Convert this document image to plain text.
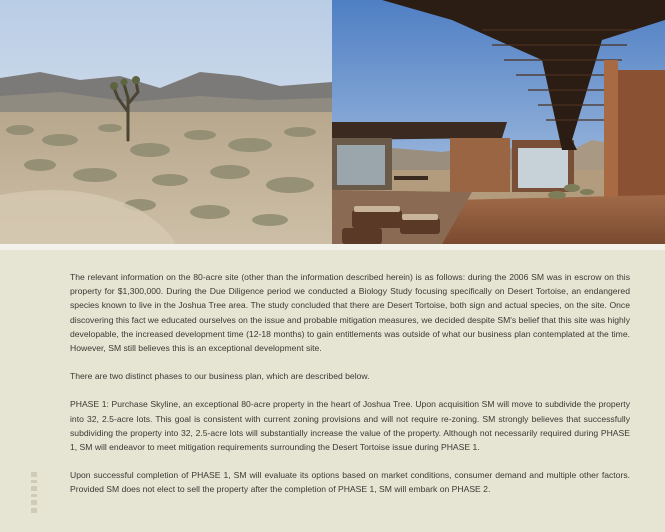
The relevant information on the 80-acre site (other than the information described herein) is as follows: during the 2006 SM was in escrow on this property for $1,300,000. During the Due Diligence period we conducted a Biology Study focusing specifically on Desert Tortoise, an endangered species known to live in the Joshua Tree area. The study concluded that there are Desert Tortoise, both sign and actual species, on the site. Once discovering this fact we educated ourselves on the issue and probable mitigation measures, we decided despite SM's belief that this site was highly developable, the increased development time (12-18 months) to gain entitlements was outside of what our business plan contemplated at the time. However, SM still believes this is an exceptional development site.

There are two distinct phases to our business plan, which are described below.

PHASE 1: Purchase Skyline, an exceptional 80-acre property in the heart of Joshua Tree. Upon acquisition SM will move to subdivide the property into 32, 2.5-acre lots. This goal is consistent with current zoning provisions and will not require re-zoning. SM strongly believes that successfully subdividing the property into 32, 2.5-acre lots will substantially increase the value of the property. Although not necessarily required during PHASE 1, SM will endeavor to meet mitigation requirements surrounding the Desert Tortoise issue during PHASE 1.

Upon successful completion of PHASE 1, SM will evaluate its options based on market conditions, consumer demand and multiple other factors. Provided SM does not elect to sell the property after the completion of PHASE 1, SM will embark on PHASE 2.
